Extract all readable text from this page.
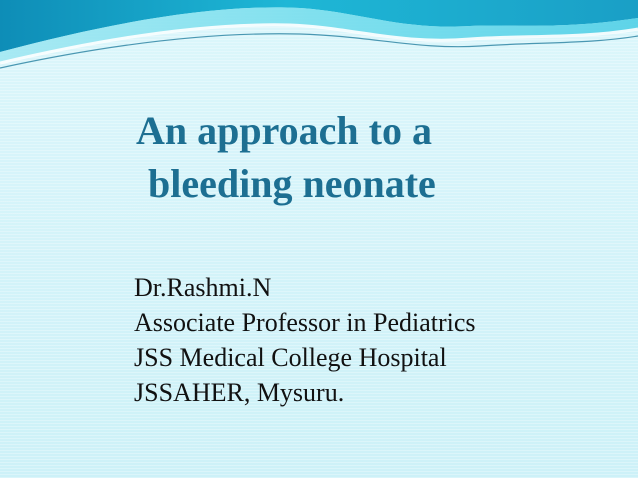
An approach to a
bleeding neonate
Dr.Rashmi.N
Associate Professor in Pediatrics
JSS Medical College Hospital
JSSAHER, Mysuru.
